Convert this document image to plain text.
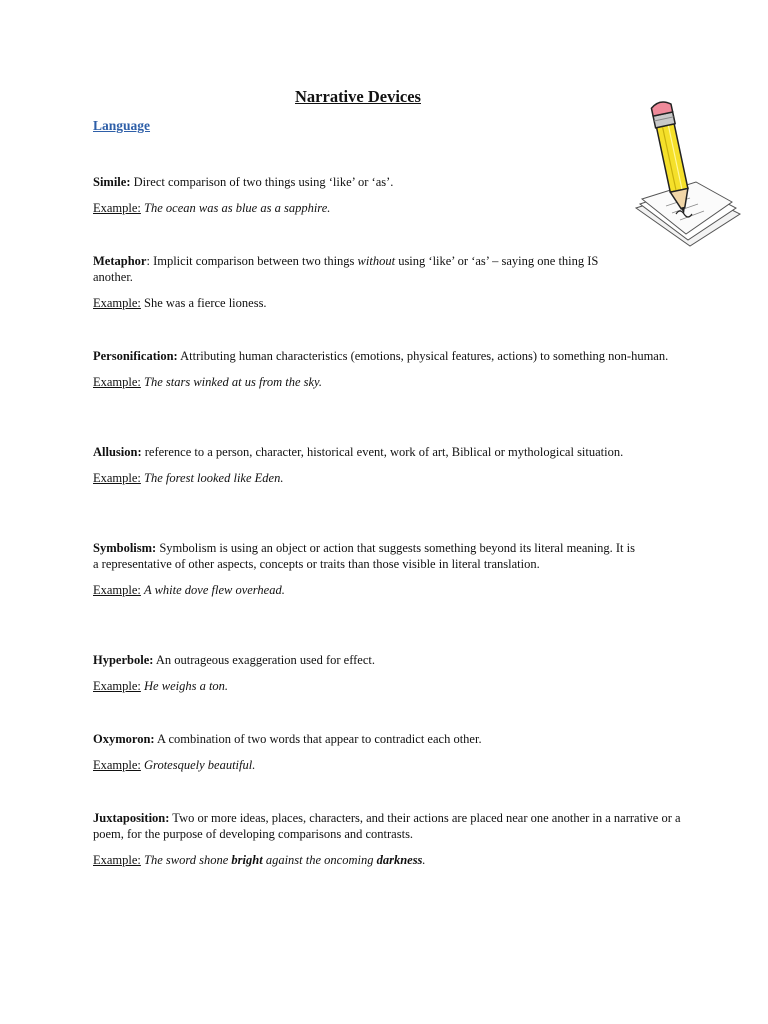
Narrative Devices
Language

Simile: Direct comparison of two things using ‘like’ or ‘as’.

Example: The ocean was as blue as a sapphire.

Metaphor: Implicit comparison between two things without using ‘like’ or ‘as’ – saying one thing IS another.

Example: She was a fierce lioness.

Personification: Attributing human characteristics (emotions, physical features, actions) to something non-human.

Example: The stars winked at us from the sky.

Allusion: reference to a person, character, historical event, work of art, Biblical or mythological situation.

Example: The forest looked like Eden.

Symbolism: Symbolism is using an object or action that suggests something beyond its literal meaning. It is a representative of other aspects, concepts or traits than those visible in literal translation.

Example: A white dove flew overhead.

Hyperbole: An outrageous exaggeration used for effect.

Example: He weighs a ton.

Oxymoron: A combination of two words that appear to contradict each other.

Example: Grotesquely beautiful.

Juxtaposition: Two or more ideas, places, characters, and their actions are placed near one another in a narrative or a poem, for the purpose of developing comparisons and contrasts.

Example: The sword shone bright against the oncoming darkness.
